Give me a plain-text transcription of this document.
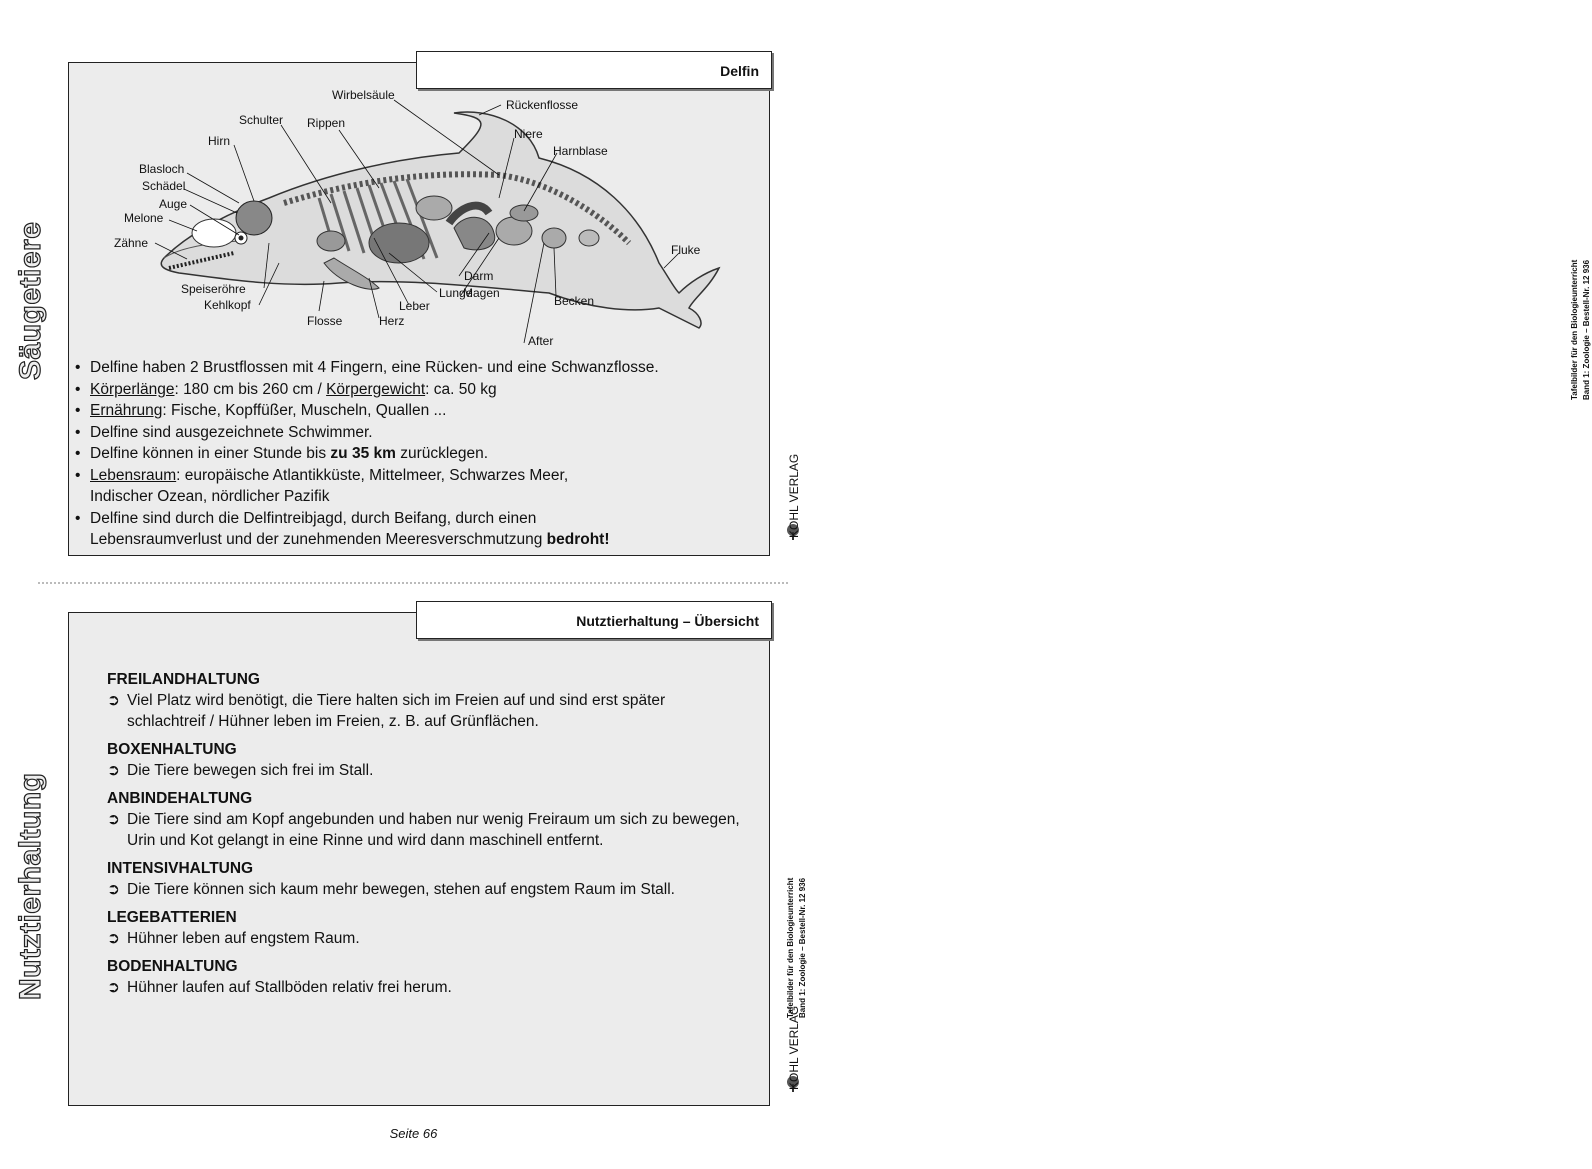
Säugetiere
Nutztierhaltung
Delfin
Wirbelsäule
Rückenflosse
Schulter Rippen
Niere
Hirn
Harnblase
Blasloch
Schädel
Auge
Melone
Zähne	Fluke
Darm
Lunge
Magen
Speiseröhre
Becken
Leber
Kehlkopf
Flosse	Herz
After
• Delfine haben 2 Brustflossen mit 4 Fingern, eine Rücken- und eine Schwanzflosse.
• Körperlänge: 180 cm bis 260 cm / Körpergewicht: ca. 50 kg
• Ernährung: Fische, Kopffüßer, Muscheln, Quallen ...
• Delfine sind ausgezeichnete Schwimmer.
• Delfine können in einer Stunde bis zu 35 km zurücklegen.
• Lebensraum: europäische Atlantikküste, Mittelmeer, Schwarzes Meer,
Indischer Ozean, nördlicher Pazifik
• Delfine sind durch die Delfintreibjagd, durch Beifang, durch einen
Lebensraumverlust und der zunehmenden Meeresverschmutzung bedroht!
Nutztierhaltung – Übersicht
FREILANDHALTUNG

➲ Viel Platz wird benötigt, die Tiere halten sich im Freien auf und sind erst später schlachtreif / Hühner leben im Freien, z. B. auf Grünflächen.

BOXENHALTUNG

➲ Die Tiere bewegen sich frei im Stall.

ANBINDEHALTUNG

➲ Die Tiere sind am Kopf angebunden und haben nur wenig Freiraum um sich zu bewegen, Urin und Kot gelangt in eine Rinne und wird dann maschinell entfernt.

INTENSIVHALTUNG

➲ Die Tiere können sich kaum mehr bewegen, stehen auf engstem Raum im Stall.

LEGEBATTERIEN

➲ Hühner leben auf engstem Raum.

BODENHALTUNG

➲ Hühner laufen auf Stallböden relativ frei herum.

Tafelbilder für den Biologieunterricht Band 1: Zoologie – Bestell-Nr. 12 936
KOHL VERLAG
Tafelbilder für den Biologieunterricht Band 1: Zoologie – Bestell-Nr. 12 936
KOHL VERLAG
Seite 66
